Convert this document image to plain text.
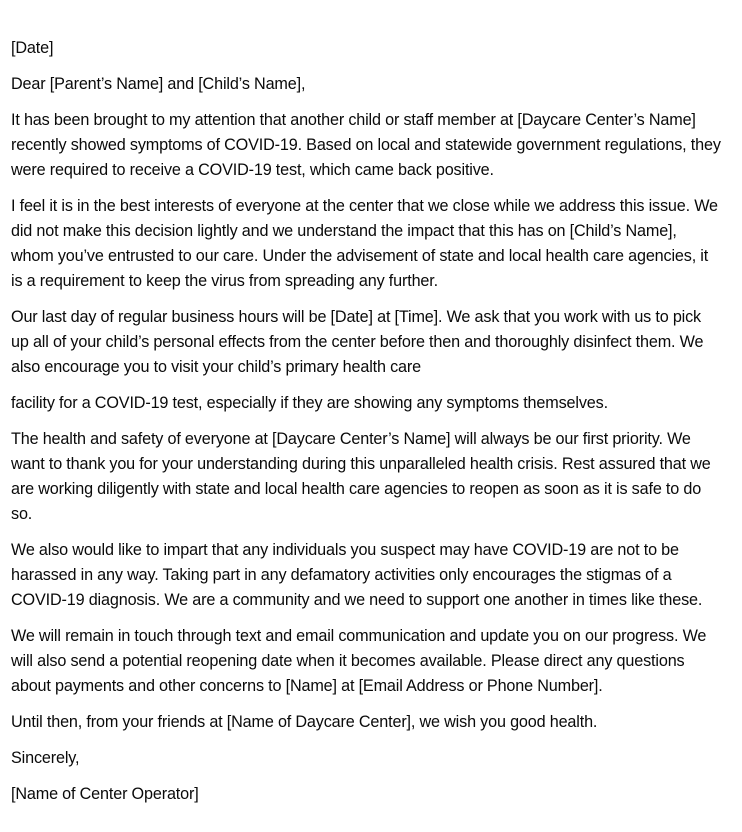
[Date]

Dear [Parent’s Name] and [Child’s Name],

It has been brought to my attention that another child or staff member at [Daycare Center’s Name] recently showed symptoms of COVID-19. Based on local and statewide government regulations, they were required to receive a COVID-19 test, which came back positive.

I feel it is in the best interests of everyone at the center that we close while we address this issue. We did not make this decision lightly and we understand the impact that this has on [Child’s Name], whom you’ve entrusted to our care. Under the advisement of state and local health care agencies, it is a requirement to keep the virus from spreading any further.

Our last day of regular business hours will be [Date] at [Time]. We ask that you work with us to pick up all of your child’s personal effects from the center before then and thoroughly disinfect them. We also encourage you to visit your child’s primary health care

facility for a COVID-19 test, especially if they are showing any symptoms themselves.

The health and safety of everyone at [Daycare Center’s Name] will always be our first priority. We want to thank you for your understanding during this unparalleled health crisis. Rest assured that we are working diligently with state and local health care agencies to reopen as soon as it is safe to do so.

We also would like to impart that any individuals you suspect may have COVID-19 are not to be harassed in any way. Taking part in any defamatory activities only encourages the stigmas of a COVID-19 diagnosis. We are a community and we need to support one another in times like these.

We will remain in touch through text and email communication and update you on our progress. We will also send a potential reopening date when it becomes available. Please direct any questions about payments and other concerns to [Name] at [Email Address or Phone Number].

Until then, from your friends at [Name of Daycare Center], we wish you good health.

Sincerely,

[Name of Center Operator]
